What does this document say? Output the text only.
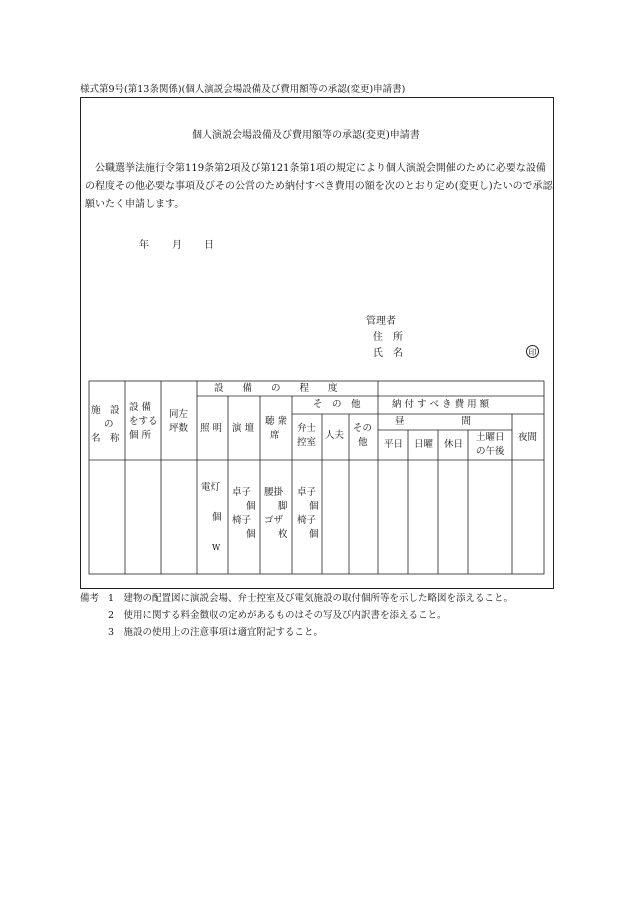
様式第9号(第13条関係)(個人演説会場設備及び費用額等の承認(変更)申請書)
個人演説会場設備及び費用額等の承認(変更)申請書
公職選挙法施行令第119条第2項及び第121条第1項の規定により個人演説会開催のために必要な設備の程度その他必要な事項及びその公営のため納付すべき費用の額を次のとおり定め(変更し)たいので承認願いたく申請します。
年 月 日
管理者
住　所
氏　名	印
施　設
の
名　称
設 備
をする
個 所
同左
坪数
設　　備　　の　　程　　度
照 明 演 壇
聴 衆
席
そ　の　他
弁士
控室
人夫
その
他
納 付 す べ き 費 用 額
昼　　　　　　間
平日 日曜 休日
土曜日
の午後
夜間
電灯
個
W
卓子
個
椅子
個
腰掛
脚
ゴザ
枚
卓子
個
椅子
個
備考 1　建物の配置図に演説会場、弁士控室及び電気施設の取付個所等を示した略図を添えること。
2　使用に関する料金徴収の定めがあるものはその写及び内訳書を添えること。
3　施設の使用上の注意事項は適宜附記すること。
